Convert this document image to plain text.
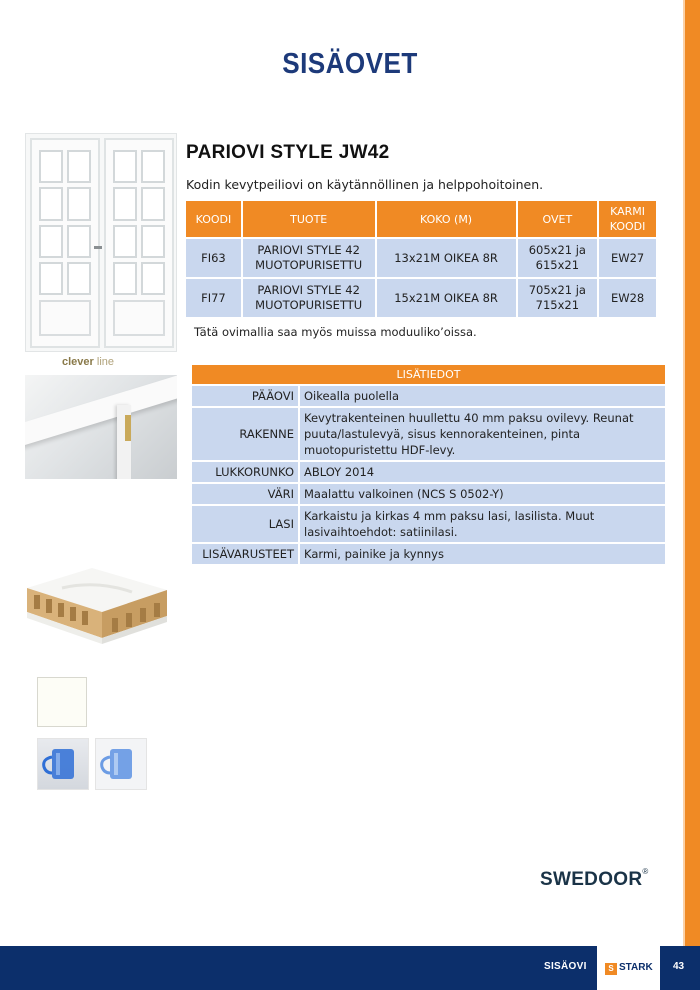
SISÄOVET
clever line
PARIOVI STYLE JW42
Kodin kevytpeiliovi on käytännöllinen ja helppohoitoinen.
KOODI	TUOTE	KOKO (M)	OVET	KARMI KOODI
FI63	PARIOVI STYLE 42 MUOTOPURISETTU	13x21M OIKEA 8R	605x21 ja 615x21	EW27
FI77	PARIOVI STYLE 42 MUOTOPURISETTU	15x21M OIKEA 8R	705x21 ja 715x21	EW28
Tätä ovimallia saa myös muissa moduuliko’oissa.
LISÄTIEDOT	
PÄÄOVI	Oikealla puolella
RAKENNE	Kevytrakenteinen huullettu 40 mm paksu ovilevy. Reunat puuta/lastulevyä, sisus kennorakenteinen, pinta muotopuristettu HDF-levy.
LUKKORUNKO	ABLOY 2014
VÄRI	Maalattu valkoinen (NCS S 0502-Y)
LASI	Karkaistu ja kirkas 4 mm paksu lasi, lasilista. Muut lasivaihtoehdot: satiinilasi.
LISÄVARUSTEET	Karmi, painike ja kynnys
SWEDOOR®
SISÄOVI	S STARK 43
